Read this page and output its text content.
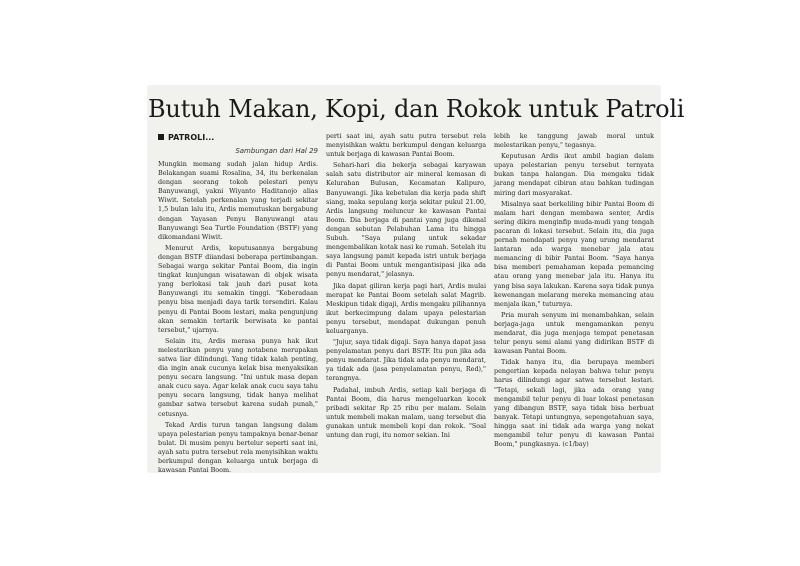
Butuh Makan, Kopi, dan Rokok untuk Patroli
PATROLI...
Sambungan dari Hal 29

Mungkin memang sudah jalan hidup Ardis. Belakangan suami Rosalina, 34, itu berkenalan dengan seorang tokoh pelestari penyu Banyuwangi, yakni Wiyanto Haditanojo alias Wiwit. Setelah perkenalan yang terjadi sekitar 1,5 bulan lalu itu, Ardis memutuskan bergabung dengan Yayasan Penyu Banyuwangi atau Banyuwangi Sea Turtle Foundation (BSTF) yang dikomandani Wiwit.

Menurut Ardis, keputusannya bergabung dengan BSTF diiandasi beberapa pertimbangan. Sebagai warga sekitar Pantai Boom, dia ingin tingkat kunjungan wisatawan di objek wisata yang berlokasi tak jauh dari pusat kota Banyuwangi itu semakin tinggi. "Keberadaan penyu bisa menjadi daya tarik tersendiri. Kalau penyu di Pantai Boom lestari, maka pengunjung akan semakin tertarik berwisata ke pantai tersebut," ujarnya.

Selain itu, Ardis merasa punya hak ikut melestarikan penyu yang notabene merupakan satwa liar dilindungi. Yang tidak kalah penting, dia ingin anak cucunya kelak bisa menyaksikan penyu secara langsung. "Ini untuk masa depan anak cucu saya. Agar kelak anak cucu saya tahu penyu secara langsung, tidak hanya melihat gambar satwa tersebut karena sudah punah," cetusnya.

Tekad Ardis turun tangan langsung dalam upaya pelestarian penyu tampaknya benar-benar bulat. Di musim penyu bertelur seperti saat ini, ayah satu putra tersebut rela menyisihkan waktu berkumpul dengan keluarga untuk berjaga di kawasan Pantai Boom.

perti saat ini, ayah satu putra tersebut rela menyisihkan waktu berkumpul dengan keluarga untuk berjaga di kawasan Pantai Boom.

Sehari-hari dia bekerja sebagai karyawan salah satu distributor air mineral kemasan di Kelurahan Bulusan, Kecamatan Kalipuro, Banyuwangi. Jika kebetulan dia kerja pada shift siang, maka sepulang kerja sekitar pukul 21.00, Ardis langsung meluncur ke kawasan Pantai Boom. Dia berjaga di pantai yang juga dikenal dengan sebutan Pelabuhan Lama itu hingga Subuh. "Saya pulang untuk sekadar mengembalikan kotak nasi ke rumah. Setelah itu saya langsung pamit kepada istri untuk berjaga di Pantai Boom untuk mengantisipasi jika ada penyu mendarat," jelasnya.

Jika dapat giliran kerja pagi hari, Ardis mulai merapat ke Pantai Boom setelah salat Magrib. Meskipun tidak digaji, Ardis mengaku pilihannya ikut berkecimpung dalam upaya pelestarian penyu tersebut, mendapat dukungan penuh keluarganya.

"Jujur, saya tidak digaji. Saya hanya dapat jasa penyelamatan penyu dari BSTF. Itu pun jika ada penyu mendarat. Jika tidak ada penyu mendarat, ya tidak ada (jasa penyelamatan penyu, Red)," terangnya.

Padahal, imbuh Ardis, setiap kali berjaga di Pantai Boom, dia harus mengeluarkan kocek pribadi sekitar Rp 25 ribu per malam. Selain untuk membeli makan malam, uang tersebut dia gunakan untuk membeli kopi dan rokok. "Soal untung dan rugi, itu nomor sekian. Ini

lebih ke tanggung jawab moral untuk melestarikan penyu," tegasnya.

Keputusan Ardis ikut ambil bagian dalam upaya pelestarian penyu tersebut ternyata bukan tanpa halangan. Dia mengaku tidak jarang mendapat cibiran atau bahkan tudingan miring dari masyarakat.

Misalnya saat berkeliling bibir Pantai Boom di malam hari dengan membawa senter, Ardis sering dikira menginfip muda-mudi yang tengah pacaran di lokasi tersebut. Selain itu, dia juga pernah mendapati penyu yang urung mendarat lantaran ada warga menebar jala atau memancing di bibir Pantai Boom. "Saya hanya bisa memberi pemahaman kepada pemancing atau orang yang menebar jala itu. Hanya itu yang bisa saya lakukan. Karena saya tidak punya kewenangan melarang mereka memancing atau menjala ikan," tuturnya.

Pria murah senyum ini menambahkan, selain berjaga-jaga untuk mengamankan penyu mendarat, dia juga menjaga tempat penetasan telur penyu semi alami yang didirikan BSTF di kawasan Pantai Boom.

Tidak hanya itu, dia berupaya memberi pengertian kepada nelayan bahwa telur penyu harus dilindungi agar satwa tersebut lestari. "Tetapi, sekali lagi, jika ada orang yang mengambil telur penyu di luar lokasi penetasan yang dibangun BSTF, saya tidak bisa berbuat banyak. Tetapi untungnya, sepengetahuan saya, hingga saat ini tidak ada warga yang nekat mengambil telur penyu di kawasan Pantai Boom," pungkasnya. (c1/bay)
